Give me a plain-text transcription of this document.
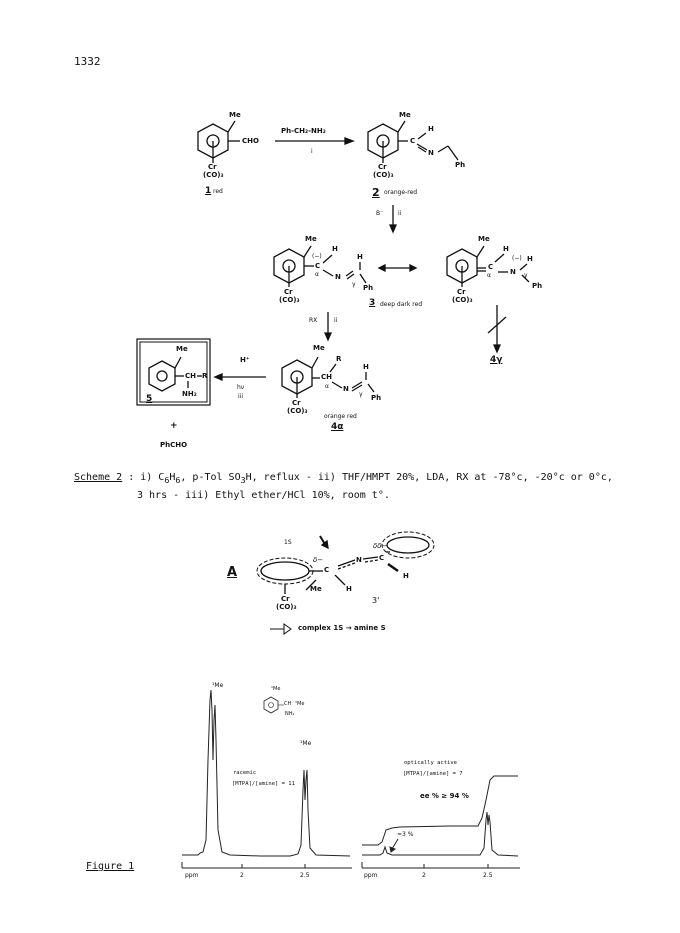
1332
Me
CHO
Cr
(CO)₃
1 red
Ph-CH₂-NH₂
i
Me
H
C
N
Ph
Cr
(CO)₃
2 orange-red
B⁻ ii
Me
H
(−)
C
α N
H
γ Ph
Cr
(CO)₃	3 deep dark red
Me
H
C
α	N
(−) H
γ
Ph
Cr
(CO)₃
4γ
RX	ii
Me
R
CH
α N
H
γ Ph
Cr
(CO)₃
orange red
4α
H⁺
hν
iii
Me
CH R
NH₂
5
+
PhCHO
Scheme 2 : i) $C_6H_6$, p-Tol $SO_3H$, reflux - ii) THF/HMPT 20%, LDA, RX at -78°c, -20°c or 0°c,
3 hrs - iii) Ethyl ether/HCl 10%, room t°.
A
1S
δ−
δδ−
C
N C
H
H
Me
Cr
(CO)₃
3'
complex 1S → amine S
¹Me
¹Me
¹Me
CH ¹Me
NH₂
racemic
[MTPA]/[amine] = 11
ppm	2	2.5
optically active
[MTPA]/[amine] = 7
ee % ≥ 94 %
≈3 %
ppm	2	2.5
Figure 1
